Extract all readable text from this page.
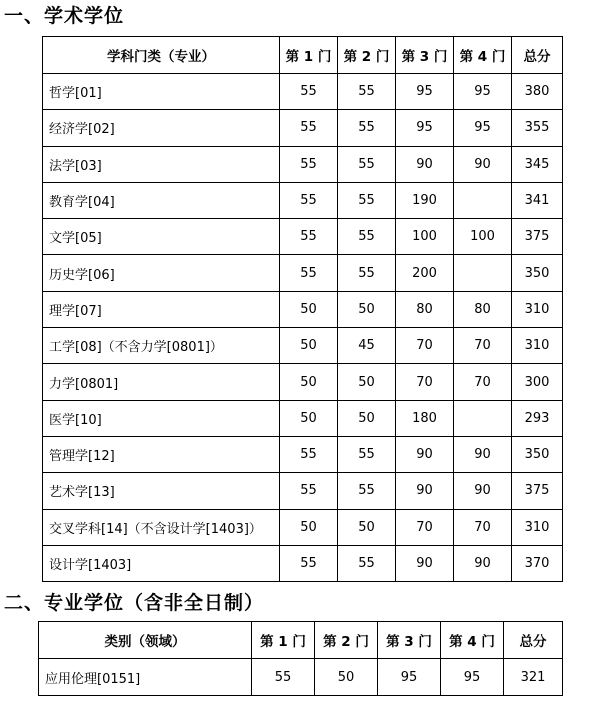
一、学术学位
学科门类（专业）	第 1 门	第 2 门	第 3 门	第 4 门	总分
哲学[01]	55	55	95	95	380
经济学[02]	55	55	95	95	355
法学[03]	55	55	90	90	345
教育学[04]	55	55	190		341
文学[05]	55	55	100	100	375
历史学[06]	55	55	200		350
理学[07]	50	50	80	80	310
工学[08]（不含力学[0801]）	50	45	70	70	310
力学[0801]	50	50	70	70	300
医学[10]	50	50	180		293
管理学[12]	55	55	90	90	350
艺术学[13]	55	55	90	90	375
交叉学科[14]（不含设计学[1403]）	50	50	70	70	310
设计学[1403]	55	55	90	90	370
二、专业学位（含非全日制）
类别（领域）	第 1 门	第 2 门	第 3 门	第 4 门	总分
应用伦理[0151]	55	50	95	95	321
